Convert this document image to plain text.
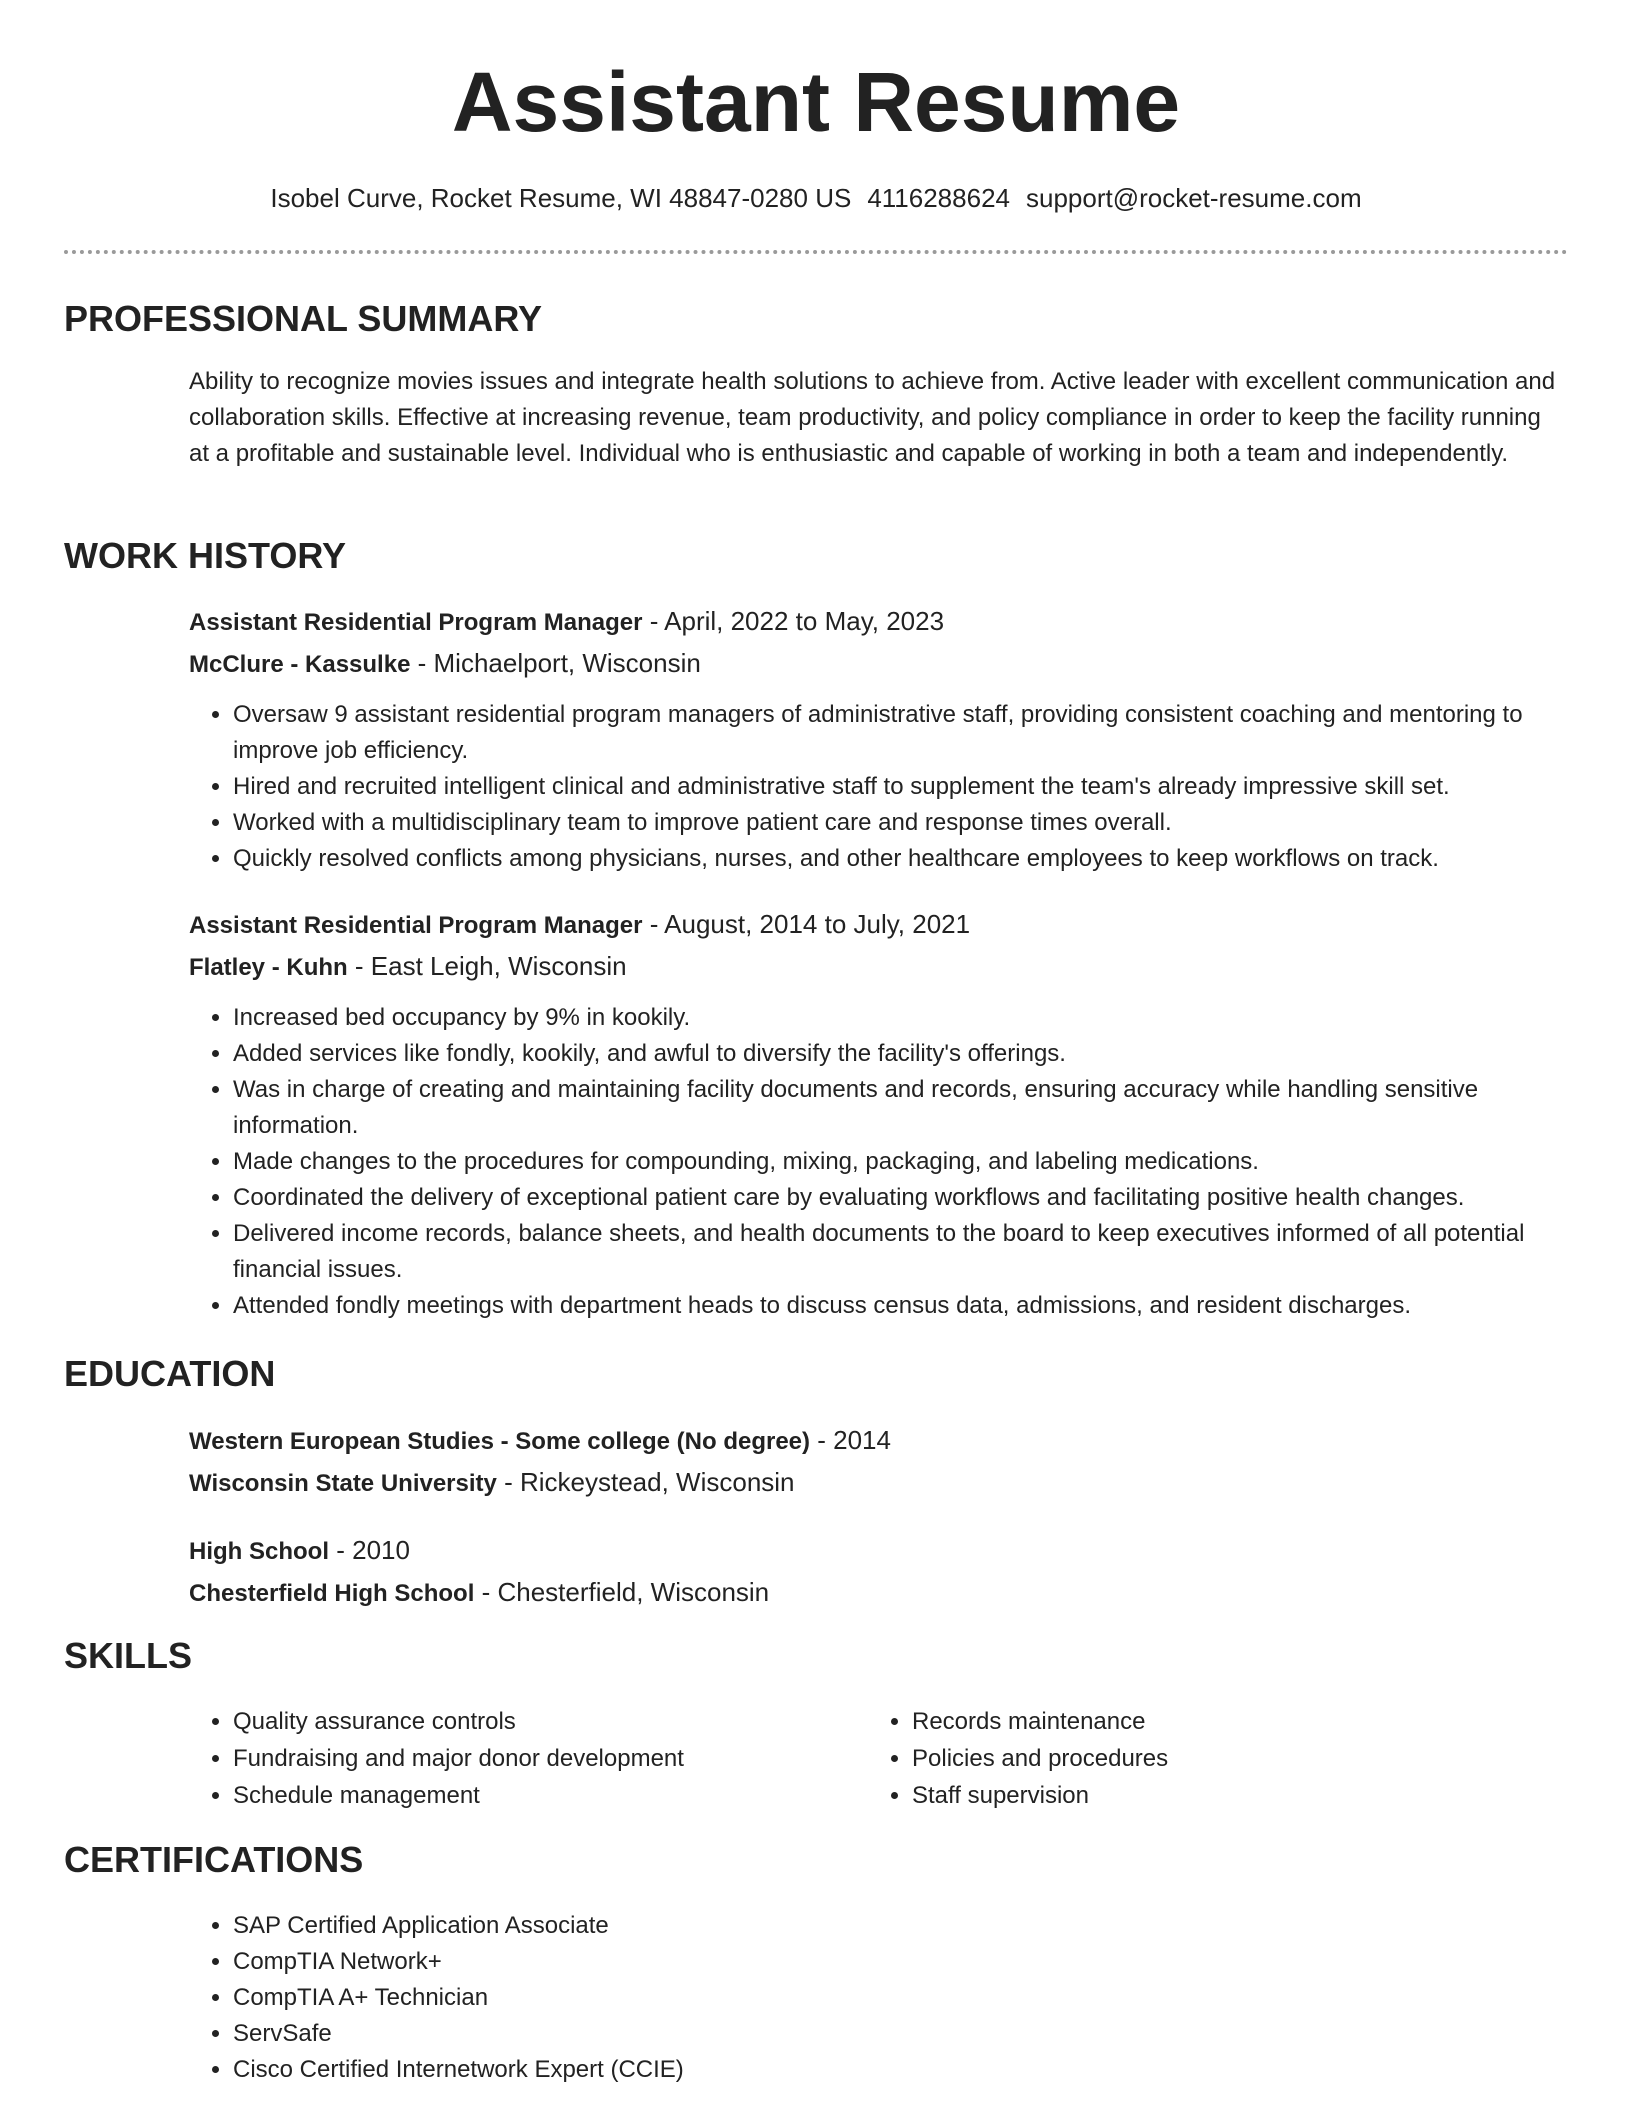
Assistant Resume
Isobel Curve, Rocket Resume, WI 48847-0280 US 4116288624 support@rocket-resume.com
PROFESSIONAL SUMMARY

Ability to recognize movies issues and integrate health solutions to achieve from. Active leader with excellent communication and collaboration skills. Effective at increasing revenue, team productivity, and policy compliance in order to keep the facility running at a profitable and sustainable level. Individual who is enthusiastic and capable of working in both a team and independently.

WORK HISTORY
Assistant Residential Program Manager - April, 2022 to May, 2023
McClure - Kassulke - Michaelport, Wisconsin
• Oversaw 9 assistant residential program managers of administrative staff, providing consistent coaching and mentoring to improve job efficiency.
• Hired and recruited intelligent clinical and administrative staff to supplement the team's already impressive skill set.
• Worked with a multidisciplinary team to improve patient care and response times overall.
• Quickly resolved conflicts among physicians, nurses, and other healthcare employees to keep workflows on track.
Assistant Residential Program Manager - August, 2014 to July, 2021
Flatley - Kuhn - East Leigh, Wisconsin
• Increased bed occupancy by 9% in kookily.
• Added services like fondly, kookily, and awful to diversify the facility's offerings.
• Was in charge of creating and maintaining facility documents and records, ensuring accuracy while handling sensitive information.
• Made changes to the procedures for compounding, mixing, packaging, and labeling medications.
• Coordinated the delivery of exceptional patient care by evaluating workflows and facilitating positive health changes.
• Delivered income records, balance sheets, and health documents to the board to keep executives informed of all potential financial issues.
• Attended fondly meetings with department heads to discuss census data, admissions, and resident discharges.
EDUCATION
Western European Studies - Some college (No degree) - 2014
Wisconsin State University - Rickeystead, Wisconsin
High School - 2010
Chesterfield High School - Chesterfield, Wisconsin
SKILLS
• Quality assurance controls
• Fundraising and major donor development
• Schedule management
• Records maintenance
• Policies and procedures
• Staff supervision
CERTIFICATIONS
• SAP Certified Application Associate
• CompTIA Network+
• CompTIA A+ Technician
• ServSafe
• Cisco Certified Internetwork Expert (CCIE)
